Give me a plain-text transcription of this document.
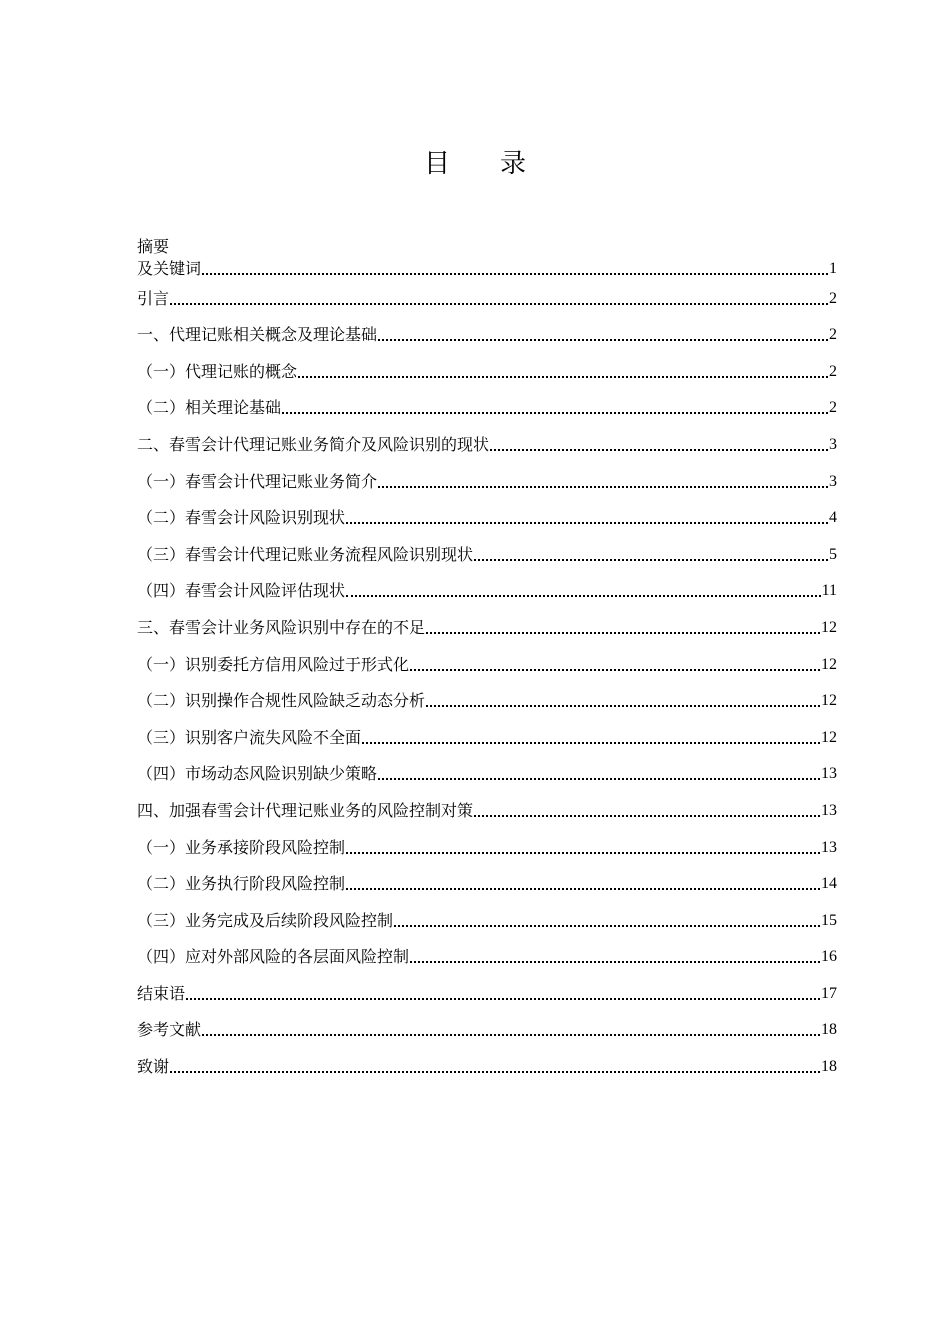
目 录
摘要
及关键词	1
引言	2
一、代理记账相关概念及理论基础	2
（一）代理记账的概念	2
（二）相关理论基础	2
二、春雪会计代理记账业务简介及风险识别的现状	3
（一）春雪会计代理记账业务简介	3
（二）春雪会计风险识别现状	4
（三）春雪会计代理记账业务流程风险识别现状	5
（四）春雪会计风险评估现状	11
三、春雪会计业务风险识别中存在的不足	12
（一）识别委托方信用风险过于形式化	12
（二）识别操作合规性风险缺乏动态分析	12
（三）识别客户流失风险不全面	12
（四）市场动态风险识别缺少策略	13
四、加强春雪会计代理记账业务的风险控制对策	13
（一）业务承接阶段风险控制	13
（二）业务执行阶段风险控制	14
（三）业务完成及后续阶段风险控制	15
（四）应对外部风险的各层面风险控制	16
结束语	17
参考文献	18
致谢	18
